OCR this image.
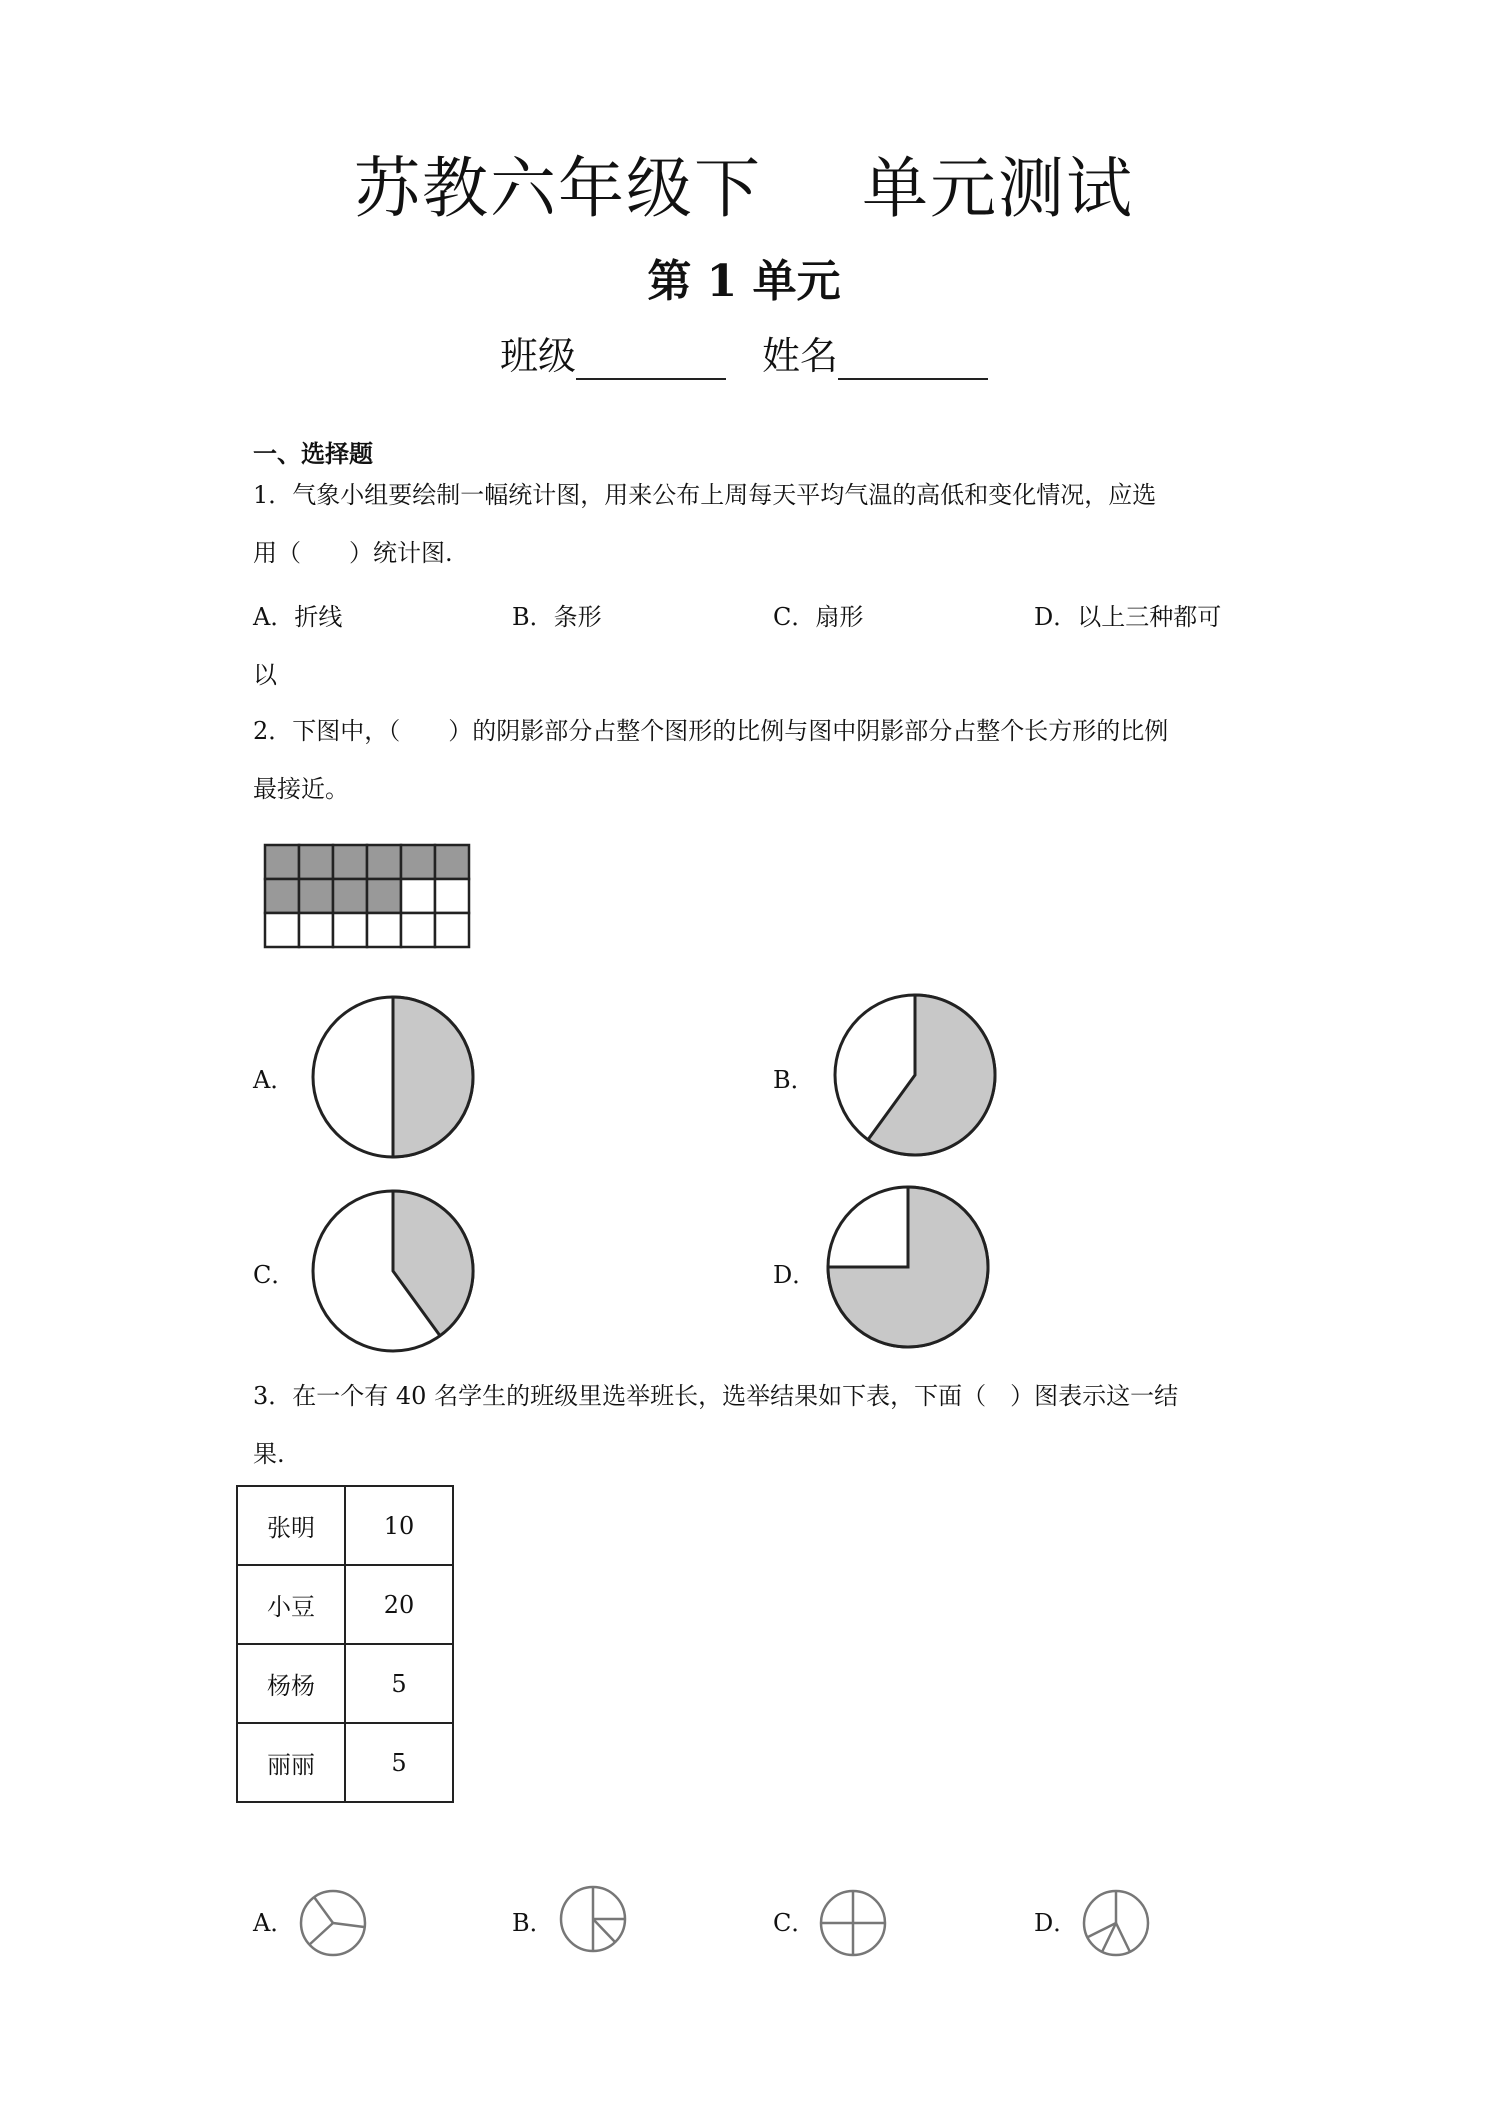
苏教六年级下 单元测试
第 1 单元
班级	姓名
一、选择题
1．气象小组要绘制一幅统计图，用来公布上周每天平均气温的高低和变化情况，应选
用（　　）统计图.
A．折线	B．条形	C．扇形	D．以上三种都可
以
2．下图中，（　　）的阴影部分占整个图形的比例与图中阴影部分占整个长方形的比例
最接近。
A．	B．
C．	D．
3．在一个有 40 名学生的班级里选举班长，选举结果如下表，下面（　）图表示这一结
果.
张明	10
小豆	20
杨杨	5
丽丽	5
A．	B．	C．	D．
